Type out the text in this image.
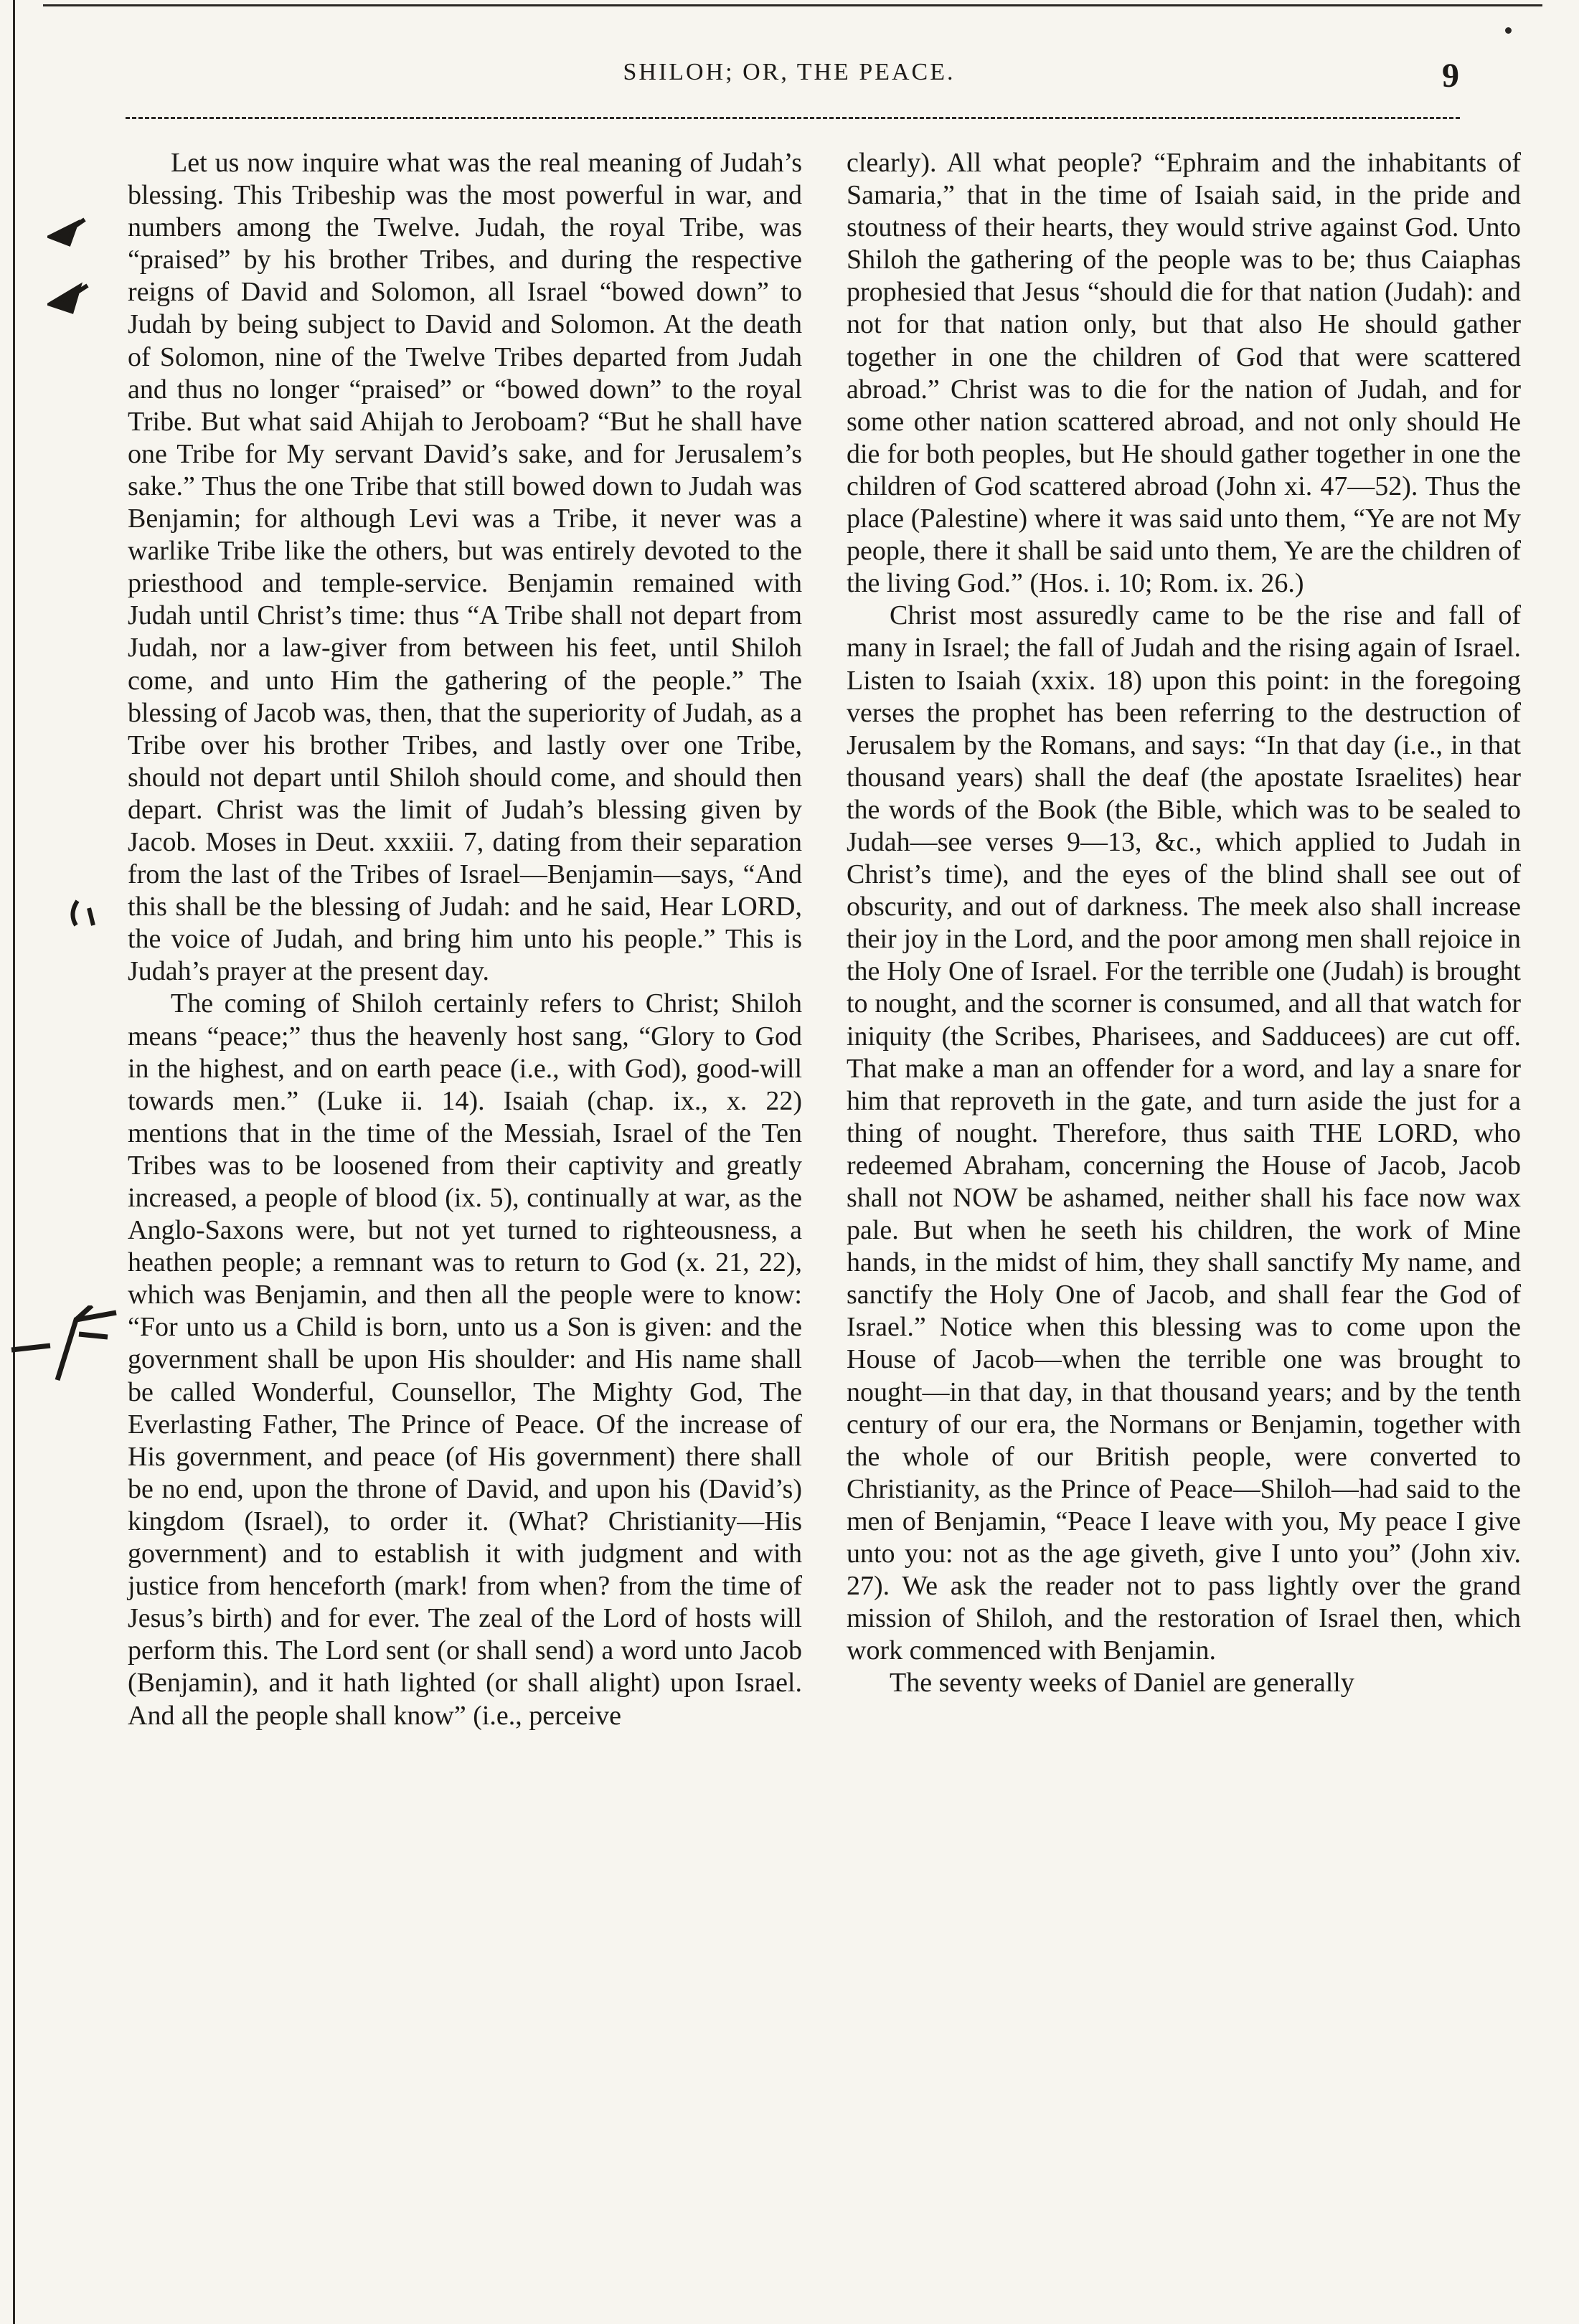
SHILOH; OR, THE PEACE.	9

Let us now inquire what was the real meaning of Judah’s blessing. This Tribeship was the most powerful in war, and numbers among the Twelve. Judah, the royal Tribe, was “praised” by his brother Tribes, and during the respective reigns of David and Solomon, all Israel “bowed down” to Judah by being subject to David and Solomon. At the death of Solomon, nine of the Twelve Tribes departed from Judah and thus no longer “praised” or “bowed down” to the royal Tribe. But what said Ahijah to Jeroboam? “But he shall have one Tribe for My servant David’s sake, and for Jerusalem’s sake.” Thus the one Tribe that still bowed down to Judah was Benjamin; for although Levi was a Tribe, it never was a warlike Tribe like the others, but was entirely devoted to the priesthood and temple-service. Benjamin remained with Judah until Christ’s time: thus “A Tribe shall not depart from Judah, nor a law-giver from between his feet, until Shiloh come, and unto Him the gathering of the people.” The blessing of Jacob was, then, that the superiority of Judah, as a Tribe over his brother Tribes, and lastly over one Tribe, should not depart until Shiloh should come, and should then depart. Christ was the limit of Judah’s blessing given by Jacob. Moses in Deut. xxxiii. 7, dating from their separation from the last of the Tribes of Israel—Benjamin—says, “And this shall be the blessing of Judah: and he said, Hear LORD, the voice of Judah, and bring him unto his people.” This is Judah’s prayer at the present day.

The coming of Shiloh certainly refers to Christ; Shiloh means “peace;” thus the heavenly host sang, “Glory to God in the highest, and on earth peace (i.e., with God), good-will towards men.” (Luke ii. 14). Isaiah (chap. ix., x. 22) mentions that in the time of the Messiah, Israel of the Ten Tribes was to be loosened from their captivity and greatly increased, a people of blood (ix. 5), continually at war, as the Anglo-Saxons were, but not yet turned to righteousness, a heathen people; a remnant was to return to God (x. 21, 22), which was Benjamin, and then all the people were to know: “For unto us a Child is born, unto us a Son is given: and the government shall be upon His shoulder: and His name shall be called Wonderful, Counsellor, The Mighty God, The Everlasting Father, The Prince of Peace. Of the increase of His government, and peace (of His government) there shall be no end, upon the throne of David, and upon his (David’s) kingdom (Israel), to order it. (What? Christianity—His government) and to establish it with judgment and with justice from henceforth (mark! from when? from the time of Jesus’s birth) and for ever. The zeal of the Lord of hosts will perform this. The Lord sent (or shall send) a word unto Jacob (Benjamin), and it hath lighted (or shall alight) upon Israel. And all the people shall know” (i.e., perceive

clearly). All what people? “Ephraim and the inhabitants of Samaria,” that in the time of Isaiah said, in the pride and stoutness of their hearts, they would strive against God. Unto Shiloh the gathering of the people was to be; thus Caiaphas prophesied that Jesus “should die for that nation (Judah): and not for that nation only, but that also He should gather together in one the children of God that were scattered abroad.” Christ was to die for the nation of Judah, and for some other nation scattered abroad, and not only should He die for both peoples, but He should gather together in one the children of God scattered abroad (John xi. 47—52). Thus the place (Palestine) where it was said unto them, “Ye are not My people, there it shall be said unto them, Ye are the children of the living God.” (Hos. i. 10; Rom. ix. 26.)

Christ most assuredly came to be the rise and fall of many in Israel; the fall of Judah and the rising again of Israel. Listen to Isaiah (xxix. 18) upon this point: in the foregoing verses the prophet has been referring to the destruction of Jerusalem by the Romans, and says: “In that day (i.e., in that thousand years) shall the deaf (the apostate Israelites) hear the words of the Book (the Bible, which was to be sealed to Judah—see verses 9—13, &c., which applied to Judah in Christ’s time), and the eyes of the blind shall see out of obscurity, and out of darkness. The meek also shall increase their joy in the Lord, and the poor among men shall rejoice in the Holy One of Israel. For the terrible one (Judah) is brought to nought, and the scorner is consumed, and all that watch for iniquity (the Scribes, Pharisees, and Sadducees) are cut off. That make a man an offender for a word, and lay a snare for him that reproveth in the gate, and turn aside the just for a thing of nought. Therefore, thus saith THE LORD, who redeemed Abraham, concerning the House of Jacob, Jacob shall not NOW be ashamed, neither shall his face now wax pale. But when he seeth his children, the work of Mine hands, in the midst of him, they shall sanctify My name, and sanctify the Holy One of Jacob, and shall fear the God of Israel.” Notice when this blessing was to come upon the House of Jacob—when the terrible one was brought to nought—in that day, in that thousand years; and by the tenth century of our era, the Normans or Benjamin, together with the whole of our British people, were converted to Christianity, as the Prince of Peace—Shiloh—had said to the men of Benjamin, “Peace I leave with you, My peace I give unto you: not as the age giveth, give I unto you” (John xiv. 27). We ask the reader not to pass lightly over the grand mission of Shiloh, and the restoration of Israel then, which work commenced with Benjamin.

The seventy weeks of Daniel are generally
